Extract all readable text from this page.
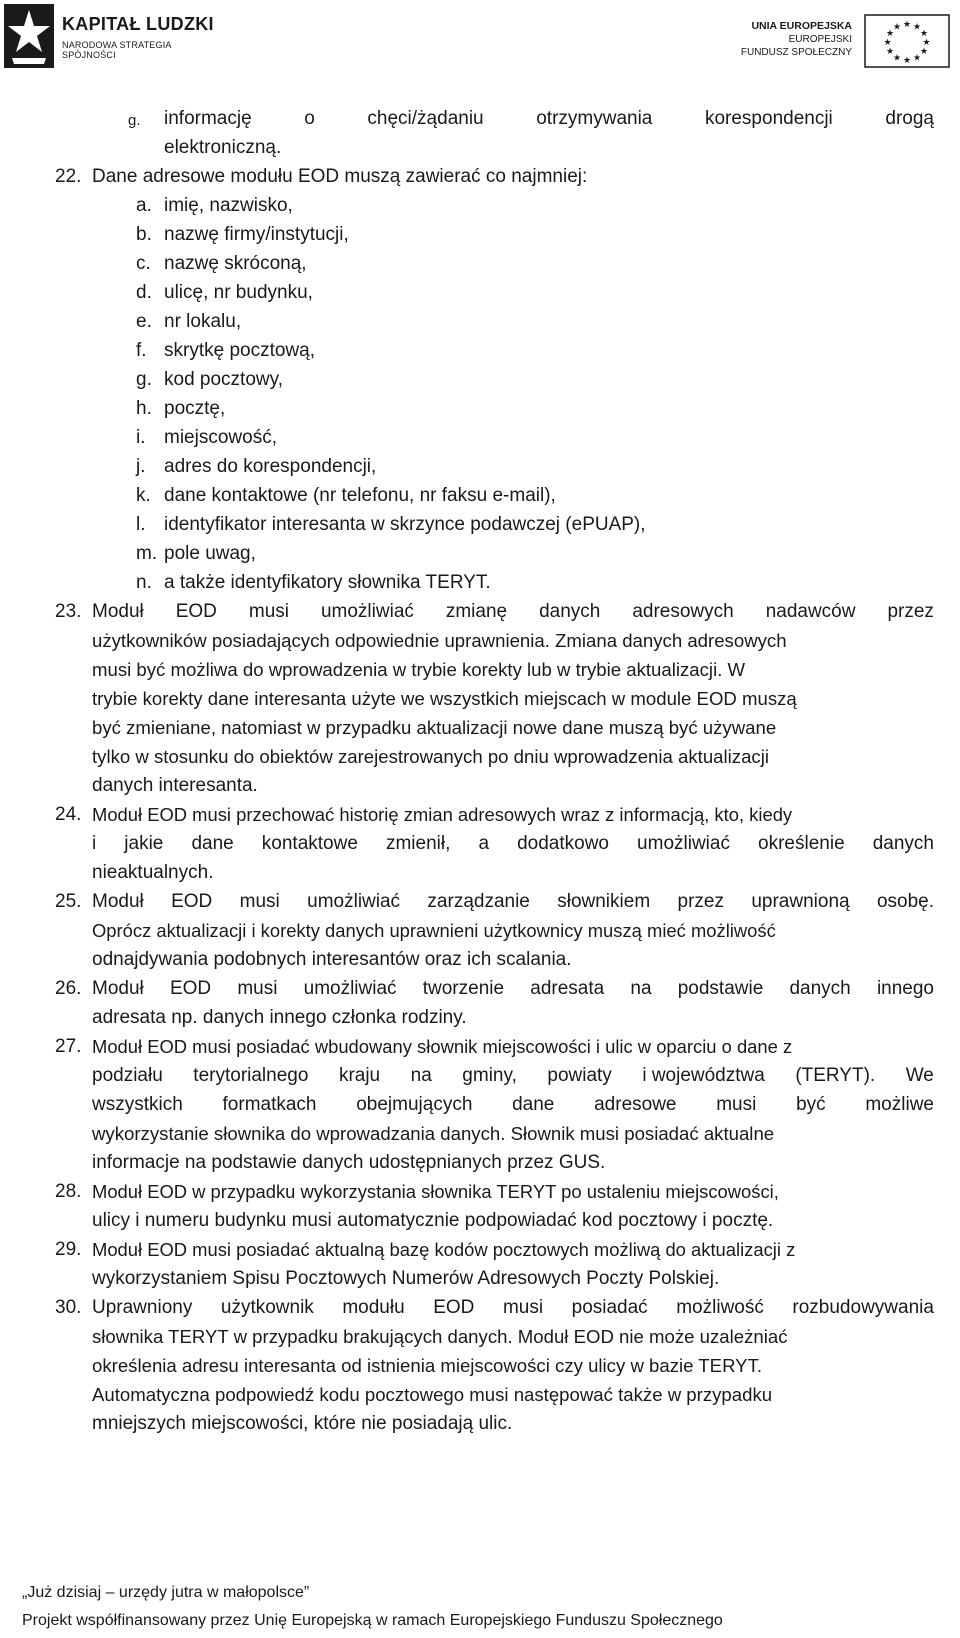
KAPITAŁ LUDZKI
NARODOWA STRATEGIA SPÓJNOŚCI
UNIA EUROPEJSKA
EUROPEJSKI
FUNDUSZ SPOŁECZNY
★ ★
★
★
★
★
★
★
★
★
★
★
g. informację	o	chęci/żądaniu	otrzymywania	korespondencji	drogą
elektroniczną.
22. Dane adresowe modułu EOD muszą zawierać co najmniej:
a. imię, nazwisko,
b. nazwę firmy/instytucji,
c. nazwę skróconą,
d. ulicę, nr budynku,
e. nr lokalu,
f. skrytkę pocztową,
g. kod pocztowy,
h. pocztę,
i. miejscowość,
j. adres do korespondencji,
k. dane kontaktowe (nr telefonu, nr faksu e-mail),
l. identyfikator interesanta w skrzynce podawczej (ePUAP),
m. pole uwag,
n. a także identyfikatory słownika TERYT.
23. Moduł EOD musi umożliwiać zmianę danych adresowych nadawców przez
użytkowników posiadających odpowiednie uprawnienia. Zmiana danych adresowych
musi być możliwa do wprowadzenia w trybie korekty lub w trybie aktualizacji. W
trybie korekty dane interesanta użyte we wszystkich miejscach w module EOD muszą
być zmieniane, natomiast w przypadku aktualizacji nowe dane muszą być używane
tylko w stosunku do obiektów zarejestrowanych po dniu wprowadzenia aktualizacji
danych interesanta.
24. Moduł EOD musi przechować historię zmian adresowych wraz z informacją, kto, kiedy
i jakie dane kontaktowe zmienił, a dodatkowo umożliwiać określenie danych
nieaktualnych.
25. Moduł EOD musi umożliwiać zarządzanie słownikiem przez uprawnioną osobę.
Oprócz aktualizacji i korekty danych uprawnieni użytkownicy muszą mieć możliwość
odnajdywania podobnych interesantów oraz ich scalania.
26. Moduł EOD musi umożliwiać tworzenie adresata na podstawie danych innego
adresata np. danych innego członka rodziny.
27. Moduł EOD musi posiadać wbudowany słownik miejscowości i ulic w oparciu o dane z
podziału terytorialnego kraju na gminy, powiaty i województwa (TERYT). We
wszystkich formatkach obejmujących dane adresowe musi być możliwe
wykorzystanie słownika do wprowadzania danych. Słownik musi posiadać aktualne
informacje na podstawie danych udostępnianych przez GUS.
28. Moduł EOD w przypadku wykorzystania słownika TERYT po ustaleniu miejscowości,
ulicy i numeru budynku musi automatycznie podpowiadać kod pocztowy i pocztę.
29. Moduł EOD musi posiadać aktualną bazę kodów pocztowych możliwą do aktualizacji z
wykorzystaniem Spisu Pocztowych Numerów Adresowych Poczty Polskiej.
30. Uprawniony użytkownik modułu EOD musi posiadać możliwość rozbudowywania
słownika TERYT w przypadku brakujących danych. Moduł EOD nie może uzależniać
określenia adresu interesanta od istnienia miejscowości czy ulicy w bazie TERYT.
Automatyczna podpowiedź kodu pocztowego musi następować także w przypadku
mniejszych miejscowości, które nie posiadają ulic.
„Już dzisiaj – urzędy jutra w małopolsce”
Projekt współfinansowany przez Unię Europejską w ramach Europejskiego Funduszu Społecznego
